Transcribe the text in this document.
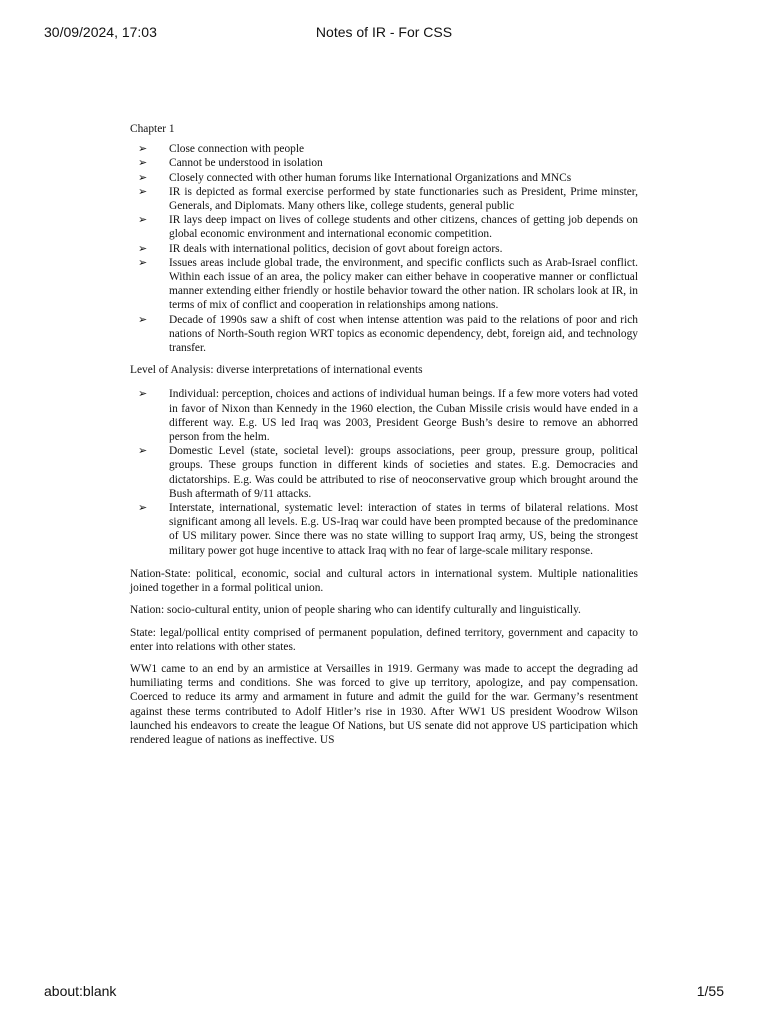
30/09/2024, 17:03	Notes of IR - For CSS

Chapter 1

➢ Close connection with people
➢ Cannot be understood in isolation
➢ Closely connected with other human forums like International Organizations and MNCs
➢ IR is depicted as formal exercise performed by state functionaries such as President, Prime minster, Generals, and Diplomats. Many others like, college students, general public
➢ IR lays deep impact on lives of college students and other citizens, chances of getting job depends on global economic environment and international economic competition.
➢ IR deals with international politics, decision of govt about foreign actors.
➢ Issues areas include global trade, the environment, and specific conflicts such as Arab-Israel conflict. Within each issue of an area, the policy maker can either behave in cooperative manner or conflictual manner extending either friendly or hostile behavior toward the other nation. IR scholars look at IR, in terms of mix of conflict and cooperation in relationships among nations.
➢ Decade of 1990s saw a shift of cost when intense attention was paid to the relations of poor and rich nations of North-South region WRT topics as economic dependency, debt, foreign aid, and technology transfer.

Level of Analysis: diverse interpretations of international events

➢ Individual: perception, choices and actions of individual human beings. If a few more voters had voted in favor of Nixon than Kennedy in the 1960 election, the Cuban Missile crisis would have ended in a different way. E.g. US led Iraq was 2003, President George Bush’s desire to remove an abhorred person from the helm.
➢ Domestic Level (state, societal level): groups associations, peer group, pressure group, political groups. These groups function in different kinds of societies and states. E.g. Democracies and dictatorships. E.g. Was could be attributed to rise of neoconservative group which brought around the Bush aftermath of 9/11 attacks.
➢ Interstate, international, systematic level: interaction of states in terms of bilateral relations. Most significant among all levels. E.g. US-Iraq war could have been prompted because of the predominance of US military power. Since there was no state willing to support Iraq army, US, being the strongest military power got huge incentive to attack Iraq with no fear of large-scale military response.

Nation-State: political, economic, social and cultural actors in international system. Multiple nationalities joined together in a formal political union.

Nation: socio-cultural entity, union of people sharing who can identify culturally and linguistically.

State: legal/pollical entity comprised of permanent population, defined territory, government and capacity to enter into relations with other states.

WW1 came to an end by an armistice at Versailles in 1919. Germany was made to accept the degrading ad humiliating terms and conditions. She was forced to give up territory, apologize, and pay compensation. Coerced to reduce its army and armament in future and admit the guild for the war. Germany’s resentment against these terms contributed to Adolf Hitler’s rise in 1930. After WW1 US president Woodrow Wilson launched his endeavors to create the league Of Nations, but US senate did not approve US participation which rendered league of nations as ineffective. US

about:blank	1/55
